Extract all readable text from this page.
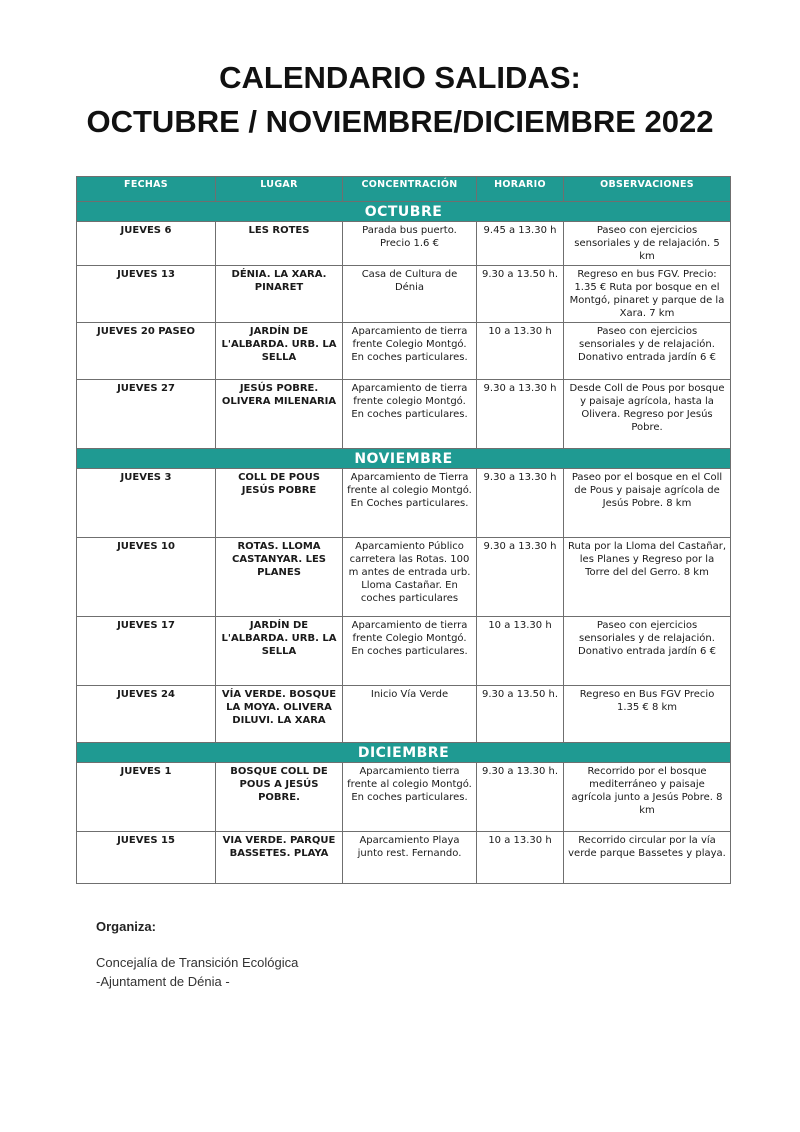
CALENDARIO SALIDAS:
OCTUBRE / NOVIEMBRE/DICIEMBRE 2022
FECHAS	LUGAR	CONCENTRACIÓN	HORARIO	OBSERVACIONES
OCTUBRE				
JUEVES 6	LES ROTES	Parada bus puerto. Precio 1.6 €	9.45 a 13.30 h	Paseo con ejercicios sensoriales y de relajación. 5 km
JUEVES 13	DÉNIA. LA XARA. PINARET	Casa de Cultura de Dénia	9.30 a 13.50 h.	Regreso en bus FGV. Precio: 1.35 € Ruta por bosque en el Montgó, pinaret y parque de la Xara. 7 km
JUEVES 20 PASEO	JARDÍN DE L'ALBARDA. URB. LA SELLA	Aparcamiento de tierra frente Colegio Montgó. En coches particulares.	10 a 13.30 h	Paseo con ejercicios sensoriales y de relajación. Donativo entrada jardín 6 €
JUEVES 27	JESÚS POBRE. OLIVERA MILENARIA	Aparcamiento de tierra frente colegio Montgó. En coches particulares.	9.30 a 13.30 h	Desde Coll de Pous por bosque y paisaje agrícola, hasta la Olivera. Regreso por Jesús Pobre.
NOVIEMBRE				
JUEVES 3	COLL DE POUS JESÚS POBRE	Aparcamiento de Tierra frente al colegio Montgó. En Coches particulares.	9.30 a 13.30 h	Paseo por el bosque en el Coll de Pous y paisaje agrícola de Jesús Pobre. 8 km
JUEVES 10	ROTAS. LLOMA CASTANYAR. LES PLANES	Aparcamiento Público carretera las Rotas. 100 m antes de entrada urb. Lloma Castañar. En coches particulares	9.30 a 13.30 h	Ruta por la Lloma del Castañar, les Planes y Regreso por la Torre del del Gerro. 8 km
JUEVES 17	JARDÍN DE L'ALBARDA. URB. LA SELLA	Aparcamiento de tierra frente Colegio Montgó. En coches particulares.	10 a 13.30 h	Paseo con ejercicios sensoriales y de relajación. Donativo entrada jardín 6 €
JUEVES 24	VÍA VERDE. BOSQUE LA MOYA. OLIVERA DILUVI. LA XARA	Inicio Vía Verde	9.30 a 13.50 h.	Regreso en Bus FGV Precio 1.35 € 8 km
DICIEMBRE				
JUEVES 1	BOSQUE COLL DE POUS A JESÚS POBRE.	Aparcamiento tierra frente al colegio Montgó. En coches particulares.	9.30 a 13.30 h.	Recorrido por el bosque mediterráneo y paisaje agrícola junto a Jesús Pobre. 8 km
JUEVES 15	VIA VERDE. PARQUE BASSETES. PLAYA	Aparcamiento Playa junto rest. Fernando.	10 a 13.30 h	Recorrido circular por la vía verde parque Bassetes y playa.
Organiza:
Concejalía de Transición Ecológica
-Ajuntament de Dénia -
